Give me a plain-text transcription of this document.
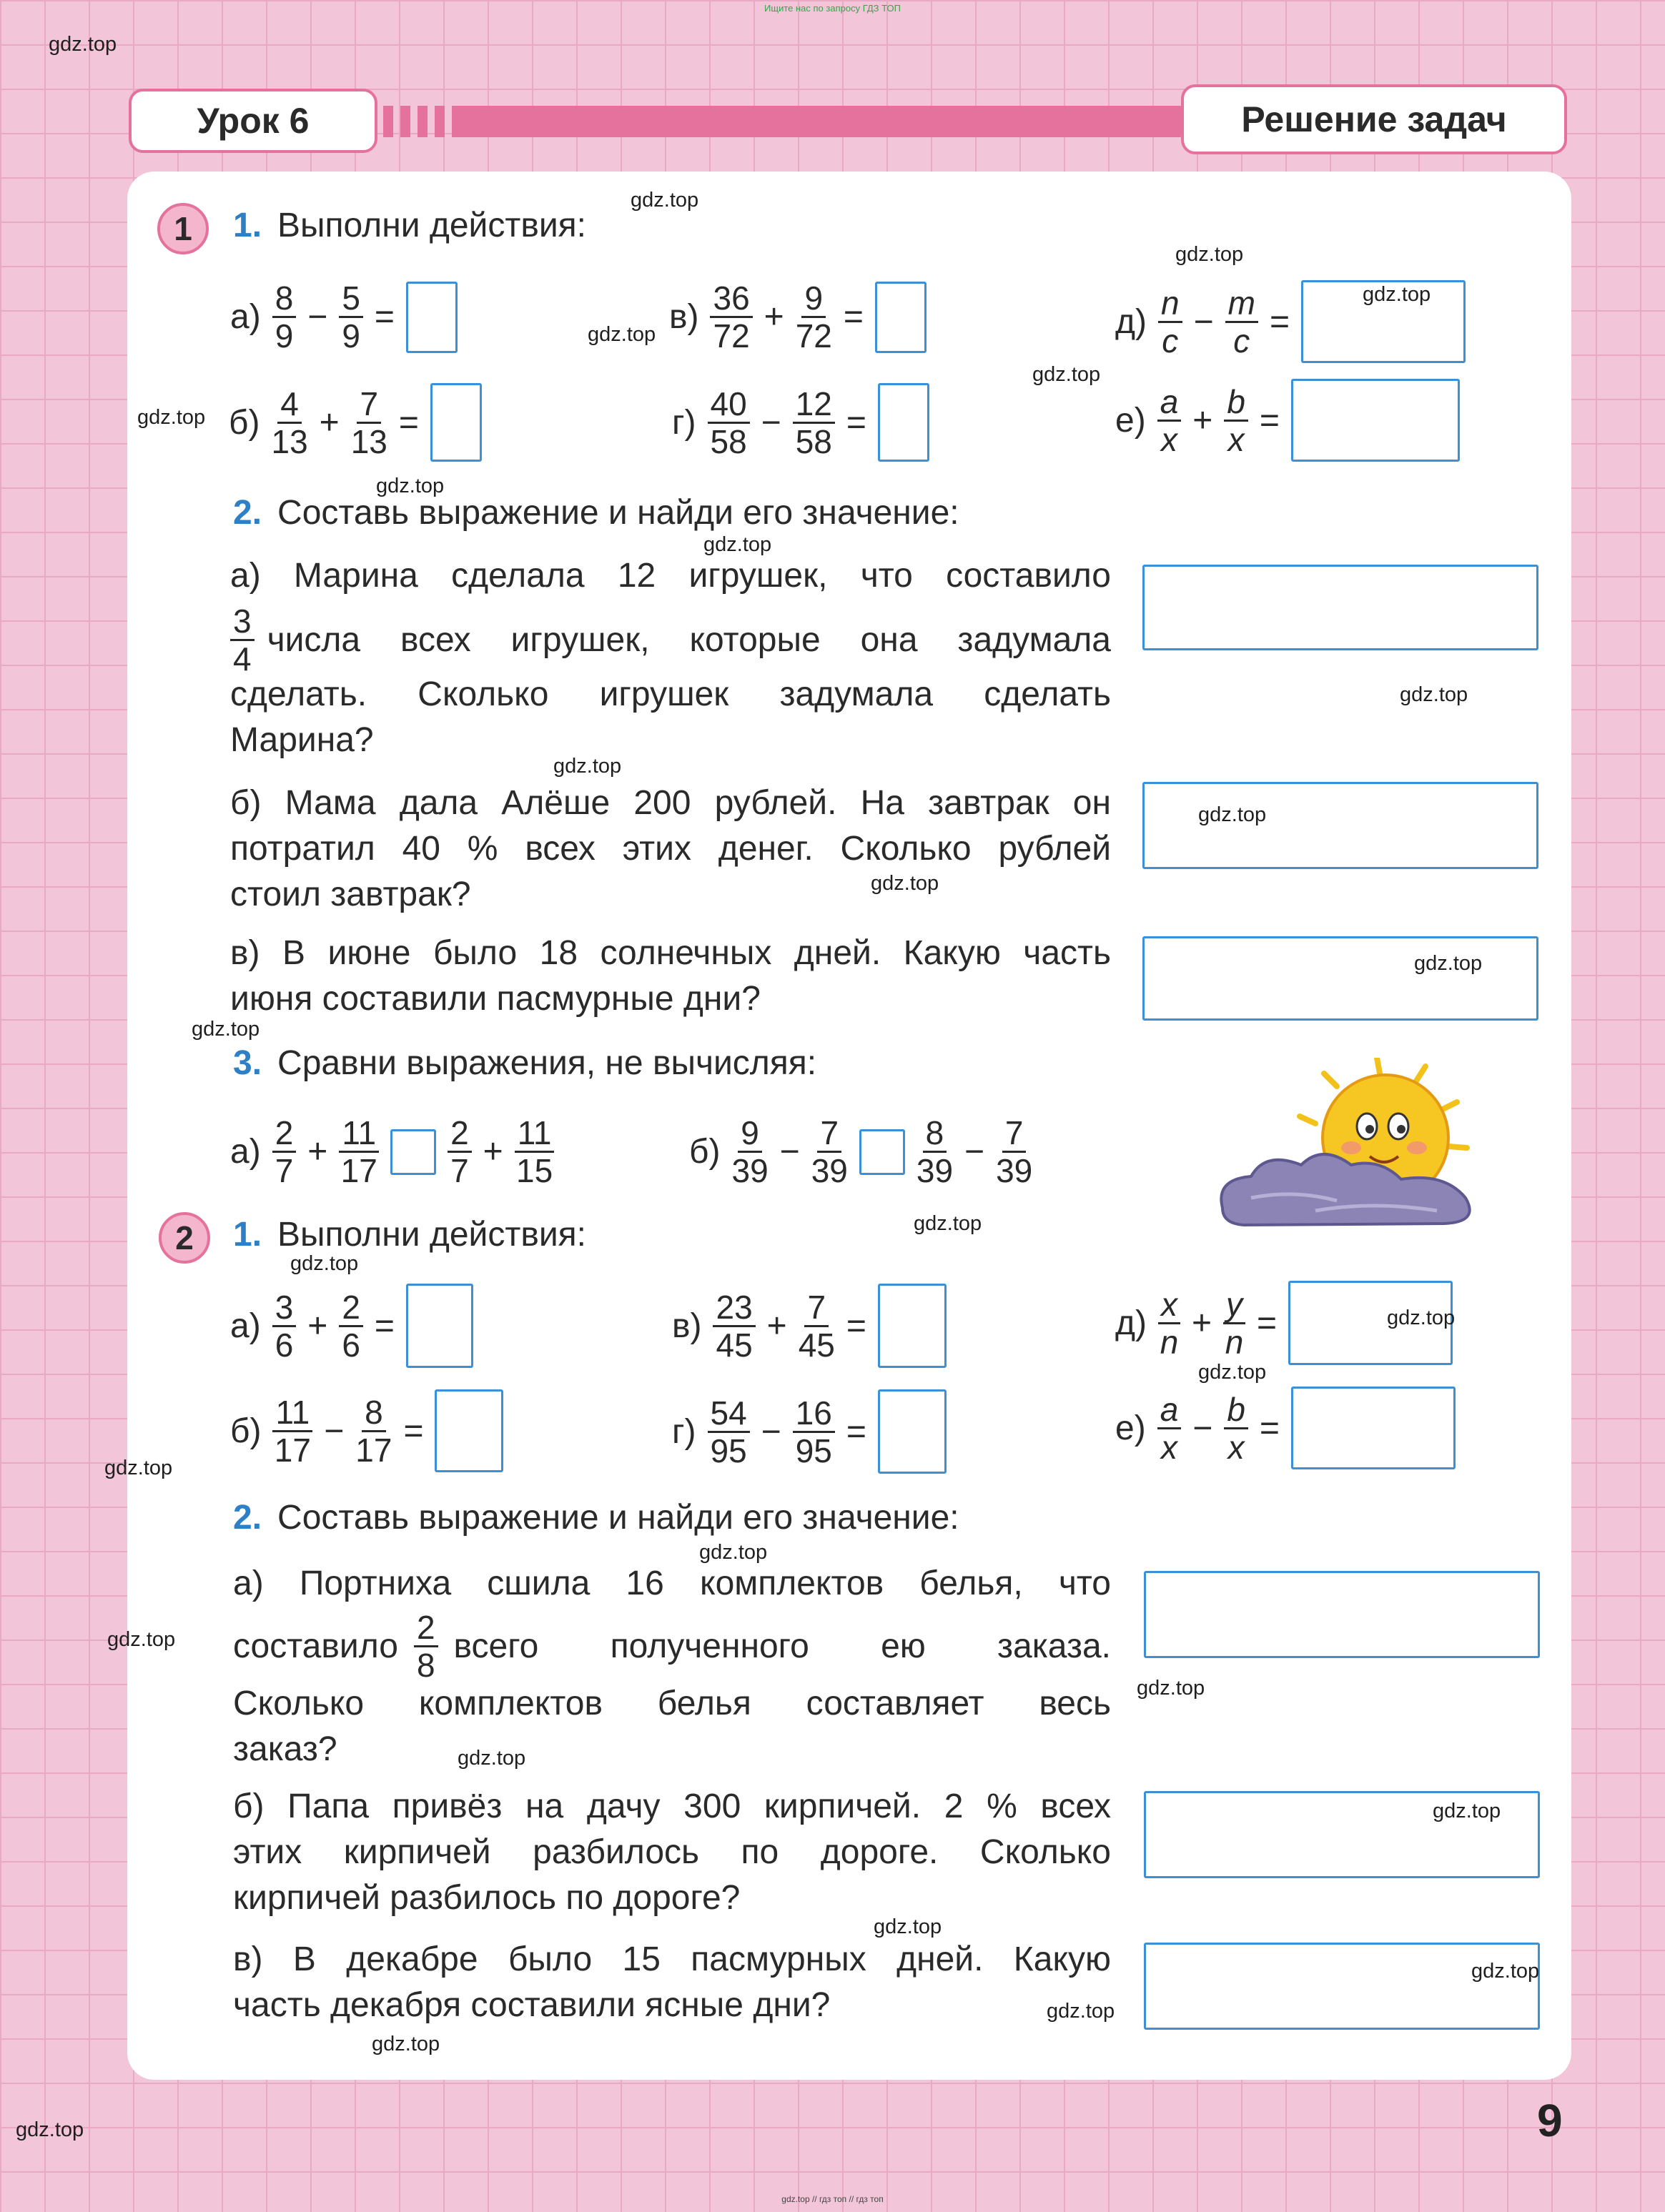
Ищите нас по запросу ГДЗ ТОП
Урок 6	Решение задач
1	1. Выполни действия:
$а) \frac{8}{9} - \frac{5}{9}$ =
$б) \frac{4}{13} + \frac{7}{13}$ =
$в) \frac{36}{72} + \frac{9}{72}$ =
$г) \frac{40}{58} - \frac{12}{58}$ =
$д) \frac{n}{c} - \frac{m}{c}$ =
$е) \frac{a}{x} + \frac{b}{x}$ =
2. Составь выражение и найди его значение:
а) Марина сделала 12 игрушек, что составило
$\frac{3}{4}$ числа всех игрушек, которые она задумала
сделать. Сколько игрушек задумала сделать
Марина?
б) Мама дала Алёше 200 рублей. На завтрак он
потратил 40 % всех этих денег. Сколько рублей
стоил завтрак?
в) В июне было 18 солнечных дней. Какую часть
июня составили пасмурные дни?
3. Сравни выражения, не вычисляя:
$а) \frac{2}{7} + \frac{11}{17} \frac{2}{7} + \frac{11}{15}$	$б) \frac{9}{39} - \frac{7}{39} \frac{8}{39} - \frac{7}{39}$
2	1. Выполни действия:
$а) \frac{3}{6} + \frac{2}{6}$ =
$б) \frac{11}{17} - \frac{8}{17}$ =
$в) \frac{23}{45} + \frac{7}{45}$ =
$г) \frac{54}{95} - \frac{16}{95}$ =
$д) \frac{x}{n} + \frac{y}{n}$ =
$е) \frac{a}{x} - \frac{b}{x}$ =
2. Составь выражение и найди его значение:
а) Портниха сшила 16 комплектов белья, что
составило $\frac{2}{8}$ всего полученного ею заказа.
Сколько комплектов белья составляет весь
заказ?
б) Папа привёз на дачу 300 кирпичей. 2 % всех
этих кирпичей разбилось по дороге. Сколько
кирпичей разбилось по дороге?
в) В декабре было 15 пасмурных дней. Какую
часть декабря составили ясные дни?
9
gdz.top
gdz.top
gdz.top
gdz.top
gdz.top
gdz.top
gdz.top
gdz.top
gdz.top
gdz.top
gdz.top
gdz.top
gdz.top
gdz.top
gdz.top
gdz.top
gdz.top
gdz.top
gdz.top
gdz.top
gdz.top
gdz.top
gdz.top
gdz.top
gdz.top
gdz.top
gdz.top
gdz.top
gdz.top
gdz.top
gdz.top // гдз топ // гдз топ
